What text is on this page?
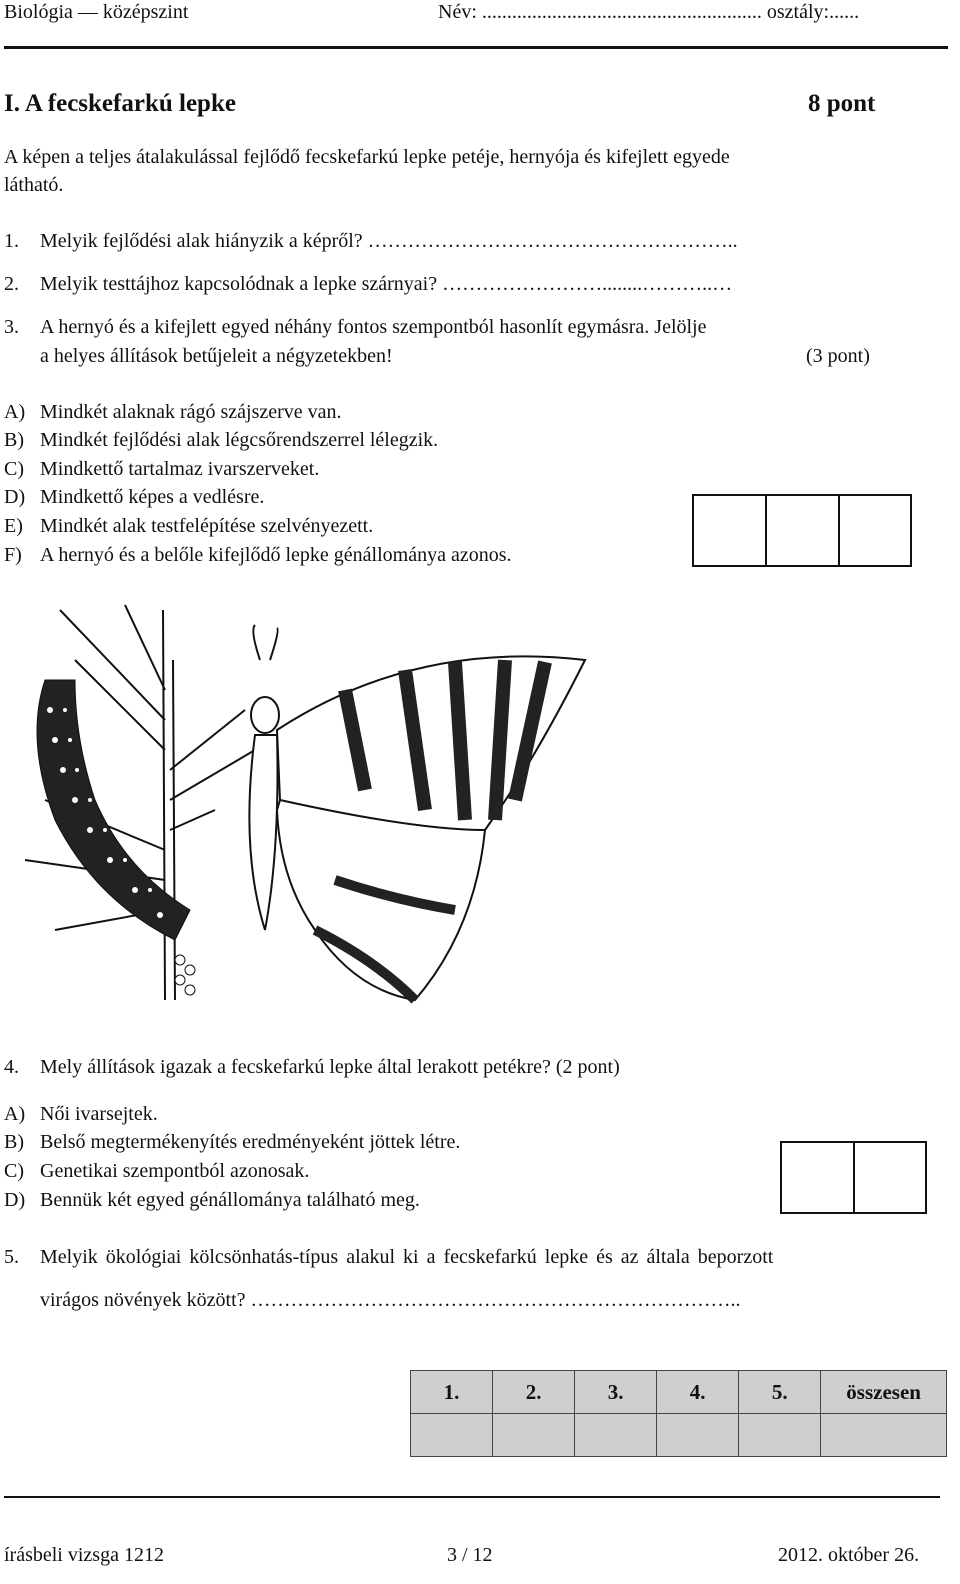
Biológia — középszint	Név: ........................................................ osztály:......
I. A fecskefarkú lepke	8 pont
A képen a teljes átalakulással fejlődő fecskefarkú lepke petéje, hernyója és kifejlett egyede
látható.
1. Melyik fejlődési alak hiányzik a képről? ………………………………………………..
2. Melyik testtájhoz kapcsolódnak a lepke szárnyai? ……………………........………..…
3. A hernyó és a kifejlett egyed néhány fontos szempontból hasonlít egymásra. Jelölje
a helyes állítások betűjeleit a négyzetekben!	(3 pont)
A) Mindkét alaknak rágó szájszerve van.
B) Mindkét fejlődési alak légcsőrendszerrel lélegzik.
C) Mindkettő tartalmaz ivarszerveket.
D) Mindkettő képes a vedlésre.
E) Mindkét alak testfelépítése szelvényezett.
F) A hernyó és a belőle kifejlődő lepke génállománya azonos.
4. Mely állítások igazak a fecskefarkú lepke által lerakott petékre? (2 pont)
A) Női ivarsejtek.
B) Belső megtermékenyítés eredményeként jöttek létre.
C) Genetikai szempontból azonosak.
D) Bennük két egyed génállománya található meg.
5. Melyik ökológiai kölcsönhatás-típus alakul ki a fecskefarkú lepke és az általa beporzott
virágos növények között? ………………………………………………………………..
1.	2.	3.	4.	5.	összesen

írásbeli vizsga 1212	3 / 12	2012. október 26.
